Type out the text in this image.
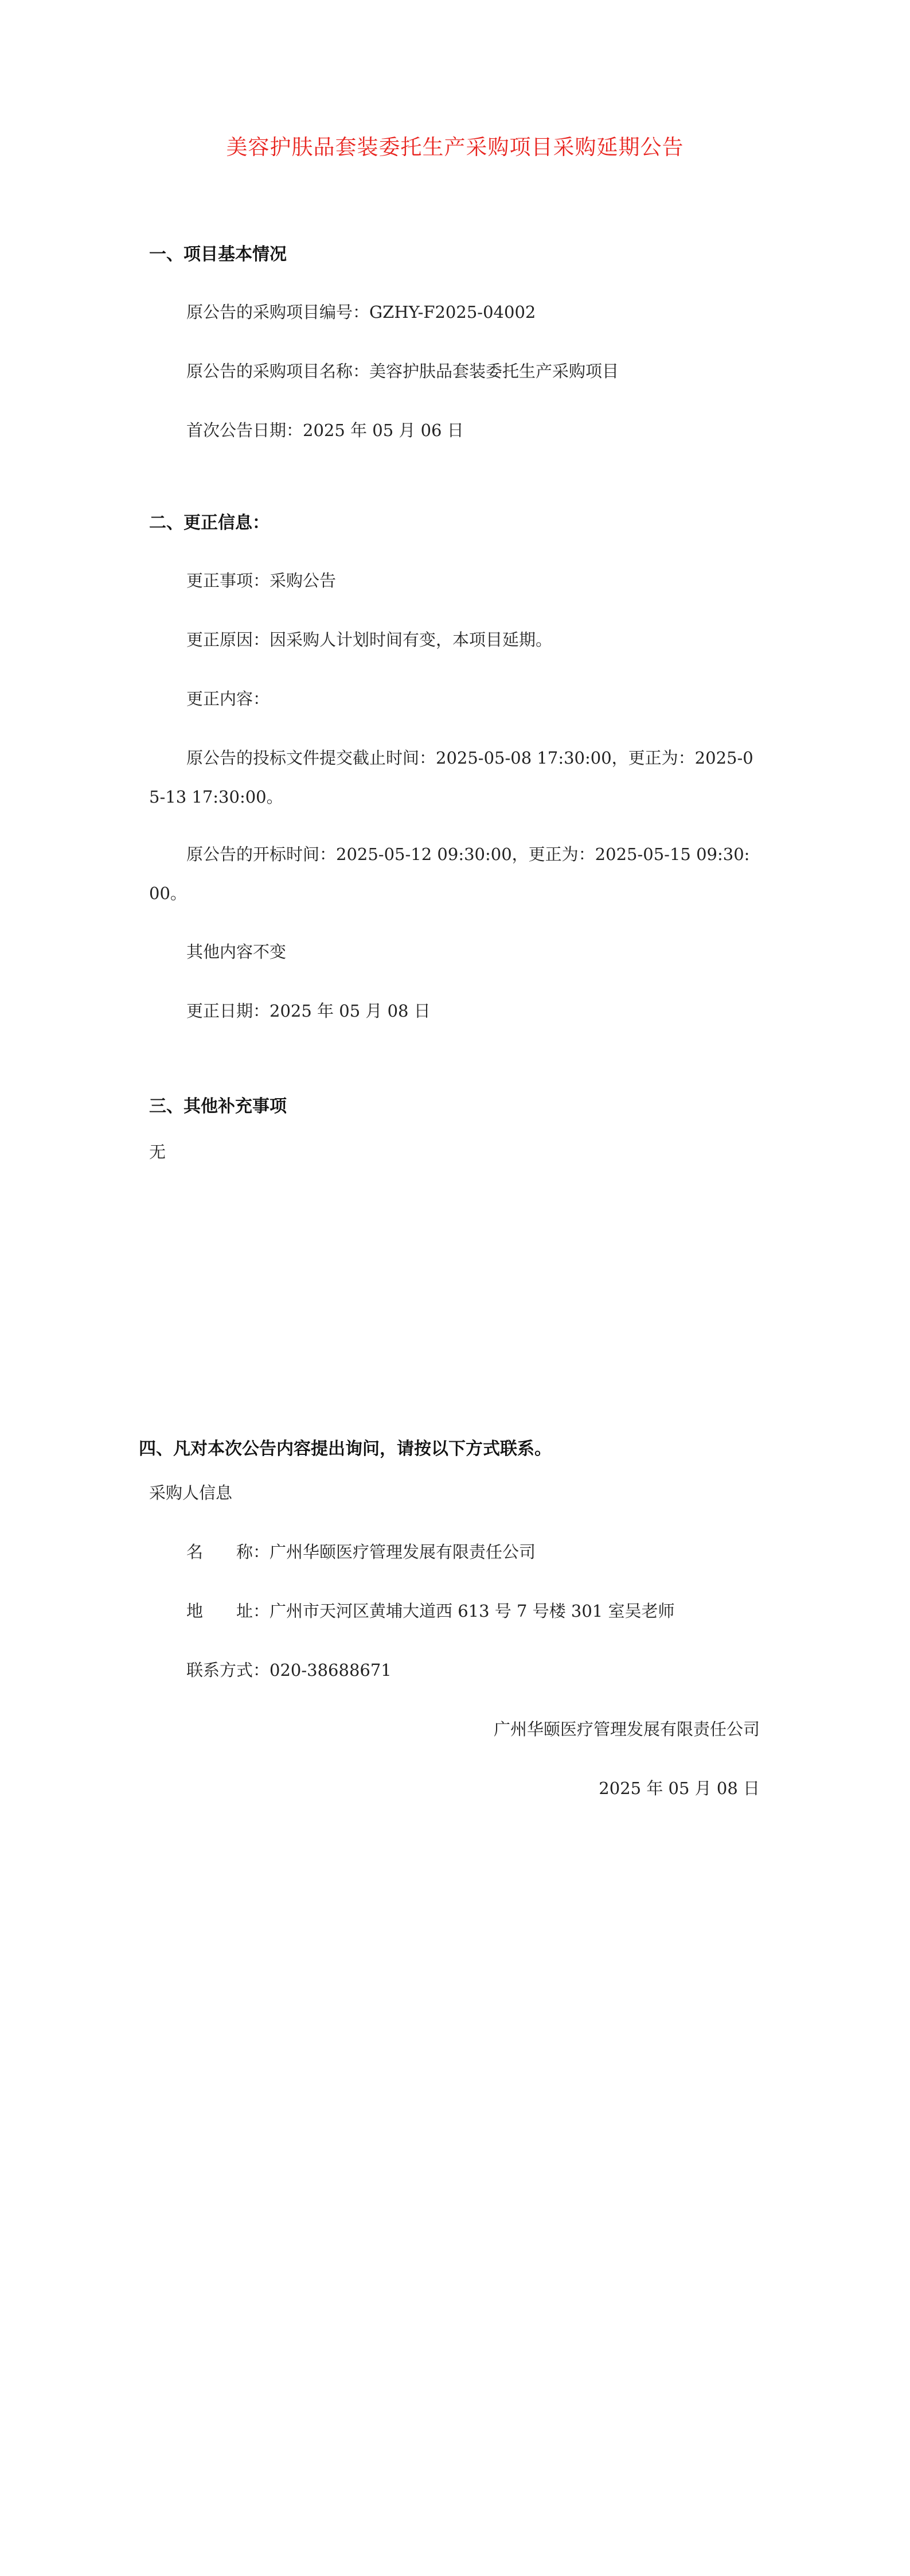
美容护肤品套装委托生产采购项目采购延期公告
一、项目基本情况
原公告的采购项目编号：GZHY-F2025-04002
原公告的采购项目名称：美容护肤品套装委托生产采购项目
首次公告日期：2025 年 05 月 06 日
二、更正信息：
更正事项：采购公告
更正原因：因采购人计划时间有变，本项目延期。
更正内容：
原公告的投标文件提交截止时间：2025-05-08 17:30:00，更正为：2025-05-13 17:30:00。
原公告的开标时间：2025-05-12 09:30:00，更正为：2025-05-15 09:30:00。
其他内容不变
更正日期：2025 年 05 月 08 日
三、其他补充事项
无
四、凡对本次公告内容提出询问，请按以下方式联系。
采购人信息
名　　称：广州华颐医疗管理发展有限责任公司
地　　址：广州市天河区黄埔大道西 613 号 7 号楼 301 室吴老师
联系方式：020-38688671
广州华颐医疗管理发展有限责任公司
2025 年 05 月 08 日
